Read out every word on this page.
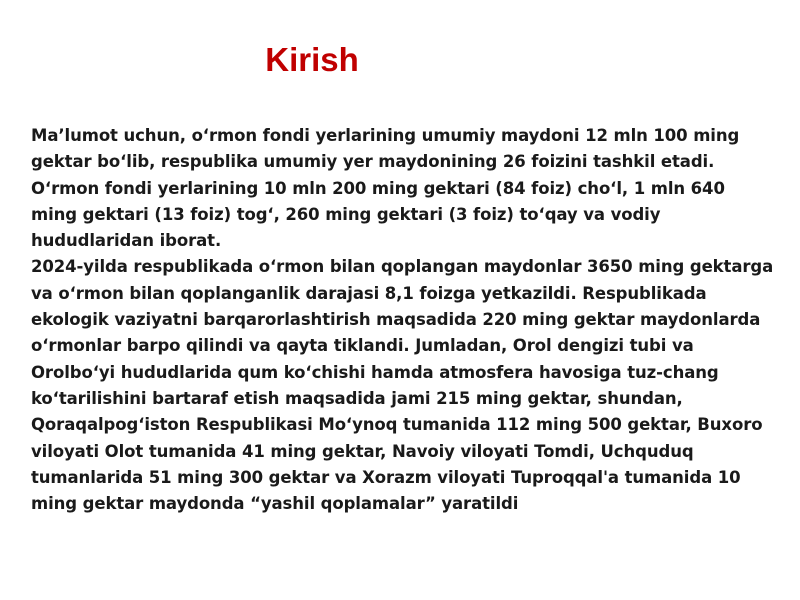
Kirish

Ma’lumot uchun, o‘rmon fondi yerlarining umumiy maydoni 12 mln 100 ming gektar bo‘lib, respublika umumiy yer maydonining 26 foizini tashkil etadi. O‘rmon fondi yerlarining 10 mln 200 ming gektari (84 foiz) cho‘l, 1 mln 640 ming gektari (13 foiz) tog‘, 260 ming gektari (3 foiz) to‘qay va vodiy hududlaridan iborat.

2024-yilda respublikada o‘rmon bilan qoplangan maydonlar 3650 ming gektarga va o‘rmon bilan qoplanganlik darajasi 8,1 foizga yetkazildi. Respublikada ekologik vaziyatni barqarorlashtirish maqsadida 220 ming gektar maydonlarda o‘rmonlar barpo qilindi va qayta tiklandi. Jumladan, Orol dengizi tubi va Orolbo‘yi hududlarida qum ko‘chishi hamda atmosfera havosiga tuz-chang ko‘tarilishini bartaraf etish maqsadida jami 215 ming gektar, shundan, Qoraqalpog‘iston Respublikasi Mo‘ynoq tumanida 112 ming 500 gektar, Buxoro viloyati Olot tumanida 41 ming gektar, Navoiy viloyati Tomdi, Uchquduq tumanlarida 51 ming 300 gektar va Xorazm viloyati Tuproqqal'a tumanida 10 ming gektar maydonda “yashil qoplamalar” yaratildi
